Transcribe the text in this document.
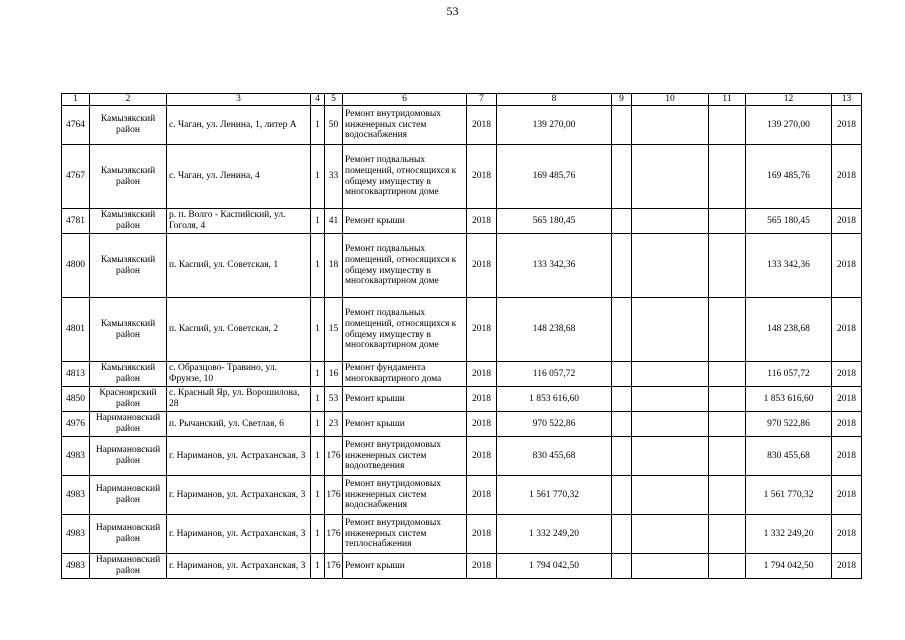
53
1	2	3	4	5	6	7	8	9	10	11	12	13
4764	Камызякский район	с. Чаган, ул. Ленина, 1, литер А	1	50	Ремонт внутридомовых инженерных систем водоснабжения	2018	139 270,00				139 270,00	2018
4767	Камызякский район	с. Чаган, ул. Ленина, 4	1	33	Ремонт подвальных помещений, относящихся к общему имуществу в многоквартирном доме	2018	169 485,76				169 485,76	2018
4781	Камызякский район	р. п. Волго - Каспийский, ул. Гоголя, 4	1	41	Ремонт крыши	2018	565 180,45				565 180,45	2018
4800	Камызякский район	п. Каспий, ул. Советская, 1	1	18	Ремонт подвальных помещений, относящихся к общему имуществу в многоквартирном доме	2018	133 342,36				133 342,36	2018
4801	Камызякский район	п. Каспий, ул. Советская, 2	1	15	Ремонт подвальных помещений, относящихся к общему имуществу в многоквартирном доме	2018	148 238,68				148 238,68	2018
4813	Камызякский район	с. Образцово- Травино, ул. Фрунзе, 10	1	16	Ремонт фундамента многоквартирного дома	2018	116 057,72				116 057,72	2018
4850	Красноярский район	с. Красный Яр, ул. Ворошилова, 28	1	53	Ремонт крыши	2018	1 853 616,60				1 853 616,60	2018
4976	Наримановский район	п. Рычанский, ул. Светлая, 6	1	23	Ремонт крыши	2018	970 522,86				970 522,86	2018
4983	Наримановский район	г. Нариманов, ул. Астраханская, 3	1	176	Ремонт внутридомовых инженерных систем водоотведения	2018	830 455,68				830 455,68	2018
4983	Наримановский район	г. Нариманов, ул. Астраханская, 3	1	176	Ремонт внутридомовых инженерных систем водоснабжения	2018	1 561 770,32				1 561 770,32	2018
4983	Наримановский район	г. Нариманов, ул. Астраханская, 3	1	176	Ремонт внутридомовых инженерных систем теплоснабжения	2018	1 332 249,20				1 332 249,20	2018
4983	Наримановский район	г. Нариманов, ул. Астраханская, 3	1	176	Ремонт крыши	2018	1 794 042,50				1 794 042,50	2018
